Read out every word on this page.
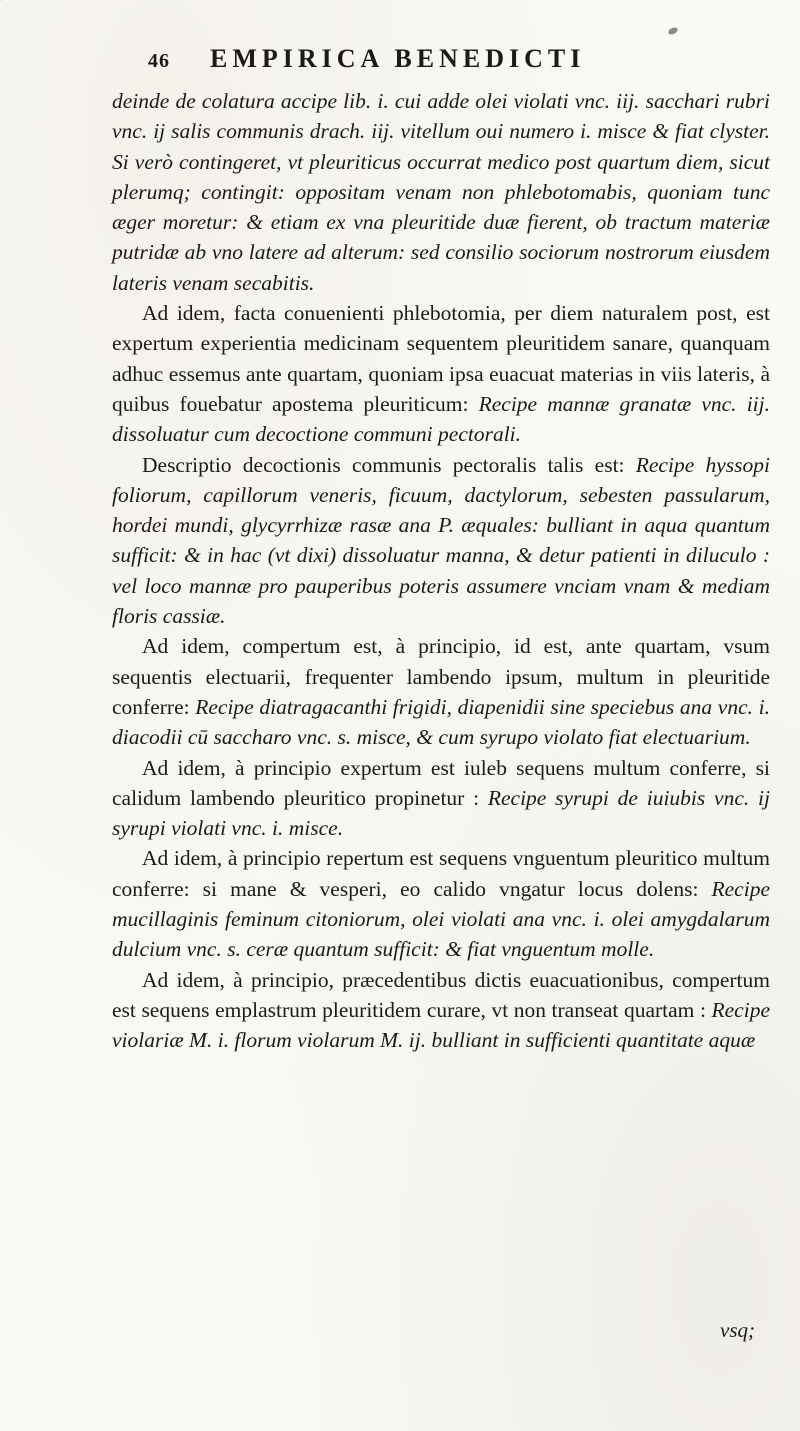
46 EMPIRICA BENEDICTI

deinde de colatura accipe lib. i. cui adde olei violati vnc. iij. sacchari rubri vnc. ij salis communis drach. iij. vitellum oui numero i. misce & fiat clyster. Si verò contingeret, vt pleuriticus occurrat medico post quartum diem, sicut plerumq; contingit: oppositam venam non phlebotomabis, quoniam tunc æger moretur: & etiam ex vna pleuritide duæ fierent, ob tractum materiæ putridæ ab vno latere ad alterum: sed consilio sociorum nostrorum eiusdem lateris venam secabitis.

Ad idem, facta conuenienti phlebotomia, per diem naturalem post, est expertum experientia medicinam sequentem pleuritidem sanare, quanquam adhuc essemus ante quartam, quoniam ipsa euacuat materias in viis lateris, à quibus fouebatur apostema pleuriticum: Recipe mannæ granatæ vnc. iij. dissoluatur cum decoctione communi pectorali.

Descriptio decoctionis communis pectoralis talis est: Recipe hyssopi foliorum, capillorum veneris, ficuum, dactylorum, sebesten passularum, hordei mundi, glycyrrhizæ rasæ ana P. æquales: bulliant in aqua quantum sufficit: & in hac (vt dixi) dissoluatur manna, & detur patienti in diluculo : vel loco mannæ pro pauperibus poteris assumere vnciam vnam & mediam floris cassiæ.

Ad idem, compertum est, à principio, id est, ante quartam, vsum sequentis electuarii, frequenter lambendo ipsum, multum in pleuritide conferre: Recipe diatragacanthi frigidi, diapenidii sine speciebus ana vnc. i. diacodii cū saccharo vnc. s. misce, & cum syrupo violato fiat electuarium.

Ad idem, à principio expertum est iuleb sequens multum conferre, si calidum lambendo pleuritico propinetur : Recipe syrupi de iuiubis vnc. ij syrupi violati vnc. i. misce.

Ad idem, à principio repertum est sequens vnguentum pleuritico multum conferre: si mane & vesperi, eo calido vngatur locus dolens: Recipe mucillaginis feminum citoniorum, olei violati ana vnc. i. olei amygdalarum dulcium vnc. s. ceræ quantum sufficit: & fiat vnguentum molle.

Ad idem, à principio, præcedentibus dictis euacuationibus, compertum est sequens emplastrum pleuritidem curare, vt non transeat quartam : Recipe violariæ M. i. florum violarum M. ij. bulliant in sufficienti quantitate aquæ

vsq;
